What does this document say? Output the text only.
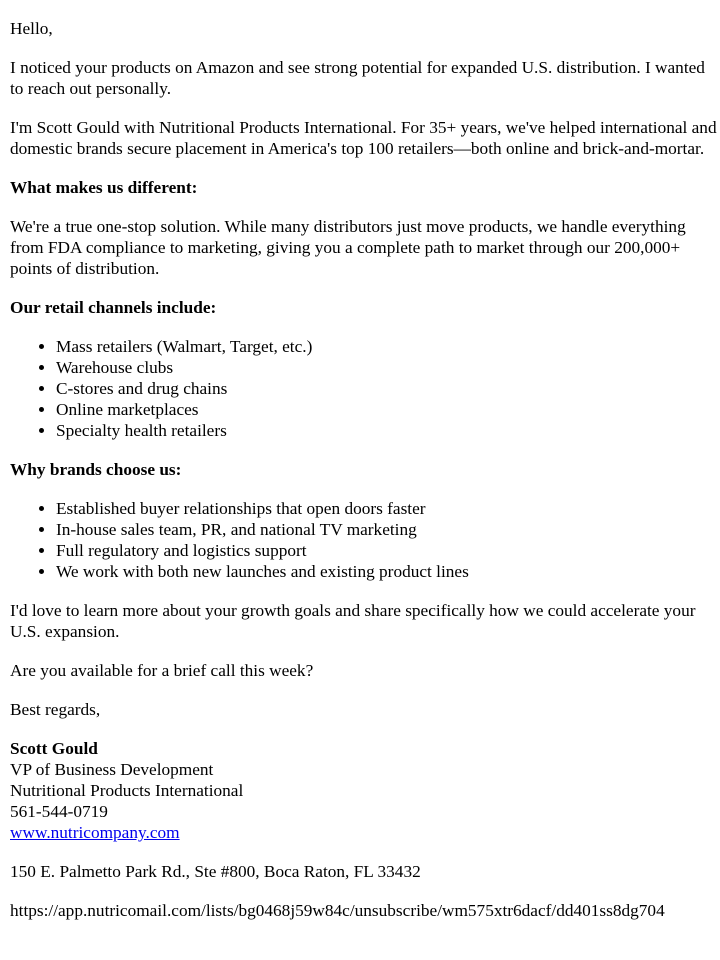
Hello,

I noticed your products on Amazon and see strong potential for expanded U.S. distribution. I wanted to reach out personally.

I'm Scott Gould with Nutritional Products International. For 35+ years, we've helped international and domestic brands secure placement in America's top 100 retailers—both online and brick-and-mortar.

What makes us different:

We're a true one-stop solution. While many distributors just move products, we handle everything from FDA compliance to marketing, giving you a complete path to market through our 200,000+ points of distribution.

Our retail channels include:

• Mass retailers (Walmart, Target, etc.)
• Warehouse clubs
• C-stores and drug chains
• Online marketplaces
• Specialty health retailers

Why brands choose us:

• Established buyer relationships that open doors faster
• In-house sales team, PR, and national TV marketing
• Full regulatory and logistics support
• We work with both new launches and existing product lines

I'd love to learn more about your growth goals and share specifically how we could accelerate your U.S. expansion.

Are you available for a brief call this week?

Best regards,

Scott Gould
VP of Business Development
Nutritional Products International
561-544-0719
www.nutricompany.com

150 E. Palmetto Park Rd., Ste #800, Boca Raton, FL 33432

https://app.nutricomail.com/lists/bg0468j59w84c/unsubscribe/wm575xtr6dacf/dd401ss8dg704
